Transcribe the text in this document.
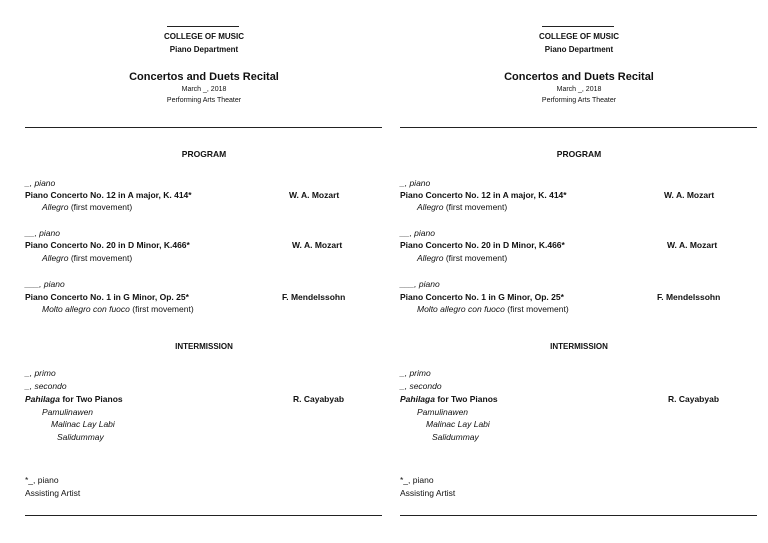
COLLEGE OF MUSIC
Piano Department
Concertos and Duets Recital
March _, 2018
Performing Arts Theater
PROGRAM
_, piano
Piano Concerto No. 12 in A major, K. 414*	W. A. Mozart
Allegro (first movement)
__, piano
Piano Concerto No. 20 in D Minor, K.466*	W. A. Mozart
Allegro (first movement)
___, piano
Piano Concerto No. 1 in G Minor, Op. 25*	F. Mendelssohn
Molto allegro con fuoco (first movement)
INTERMISSION
_, primo
_, secondo
Pahilaga for Two Pianos	R. Cayabyab
Pamulinawen
Malinac Lay Labi
Salidummay
*_, piano
Assisting Artist
COLLEGE OF MUSIC
Piano Department
Concertos and Duets Recital
March _, 2018
Performing Arts Theater
PROGRAM
_, piano
Piano Concerto No. 12 in A major, K. 414*	W. A. Mozart
Allegro (first movement)
__, piano
Piano Concerto No. 20 in D Minor, K.466*	W. A. Mozart
Allegro (first movement)
___, piano
Piano Concerto No. 1 in G Minor, Op. 25*	F. Mendelssohn
Molto allegro con fuoco (first movement)
INTERMISSION
_, primo
_, secondo
Pahilaga for Two Pianos	R. Cayabyab
Pamulinawen
Malinac Lay Labi
Salidummay
*_, piano
Assisting Artist
